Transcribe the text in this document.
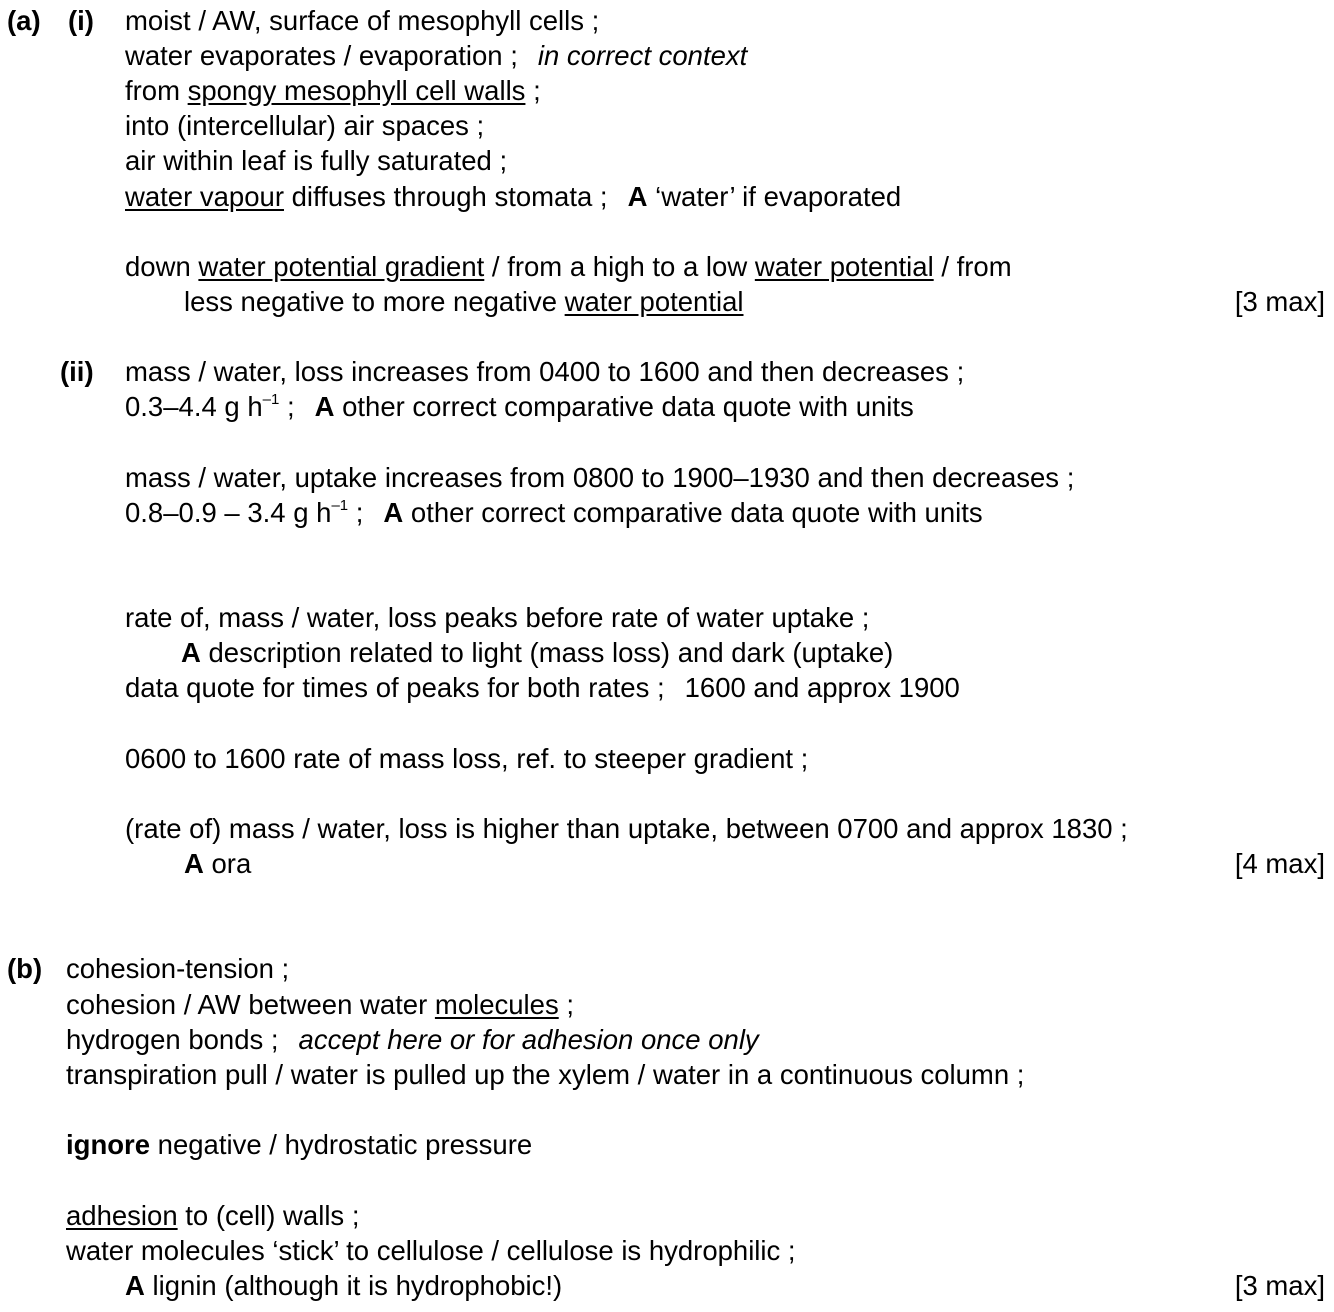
(a) (i) moist / AW, surface of mesophyll cells ;
water evaporates / evaporation ; in correct context
from spongy mesophyll cell walls ;
into (intercellular) air spaces ;
air within leaf is fully saturated ;
water vapour diffuses through stomata ; A ‘water’ if evaporated
down water potential gradient / from a high to a low water potential / from
less negative to more negative water potential	[3 max]
(ii) mass / water, loss increases from 0400 to 1600 and then decreases ;
0.3–4.4 g $h^{-1}$ ; A other correct comparative data quote with units
mass / water, uptake increases from 0800 to 1900–1930 and then decreases ;
0.8–0.9 – 3.4 g $h^{-1}$ ; A other correct comparative data quote with units
rate of, mass / water, loss peaks before rate of water uptake ;
A description related to light (mass loss) and dark (uptake)
data quote for times of peaks for both rates ; 1600 and approx 1900
0600 to 1600 rate of mass loss, ref. to steeper gradient ;
(rate of) mass / water, loss is higher than uptake, between 0700 and approx 1830 ;
A ora	[4 max]
(b) cohesion-tension ;
cohesion / AW between water molecules ;
hydrogen bonds ; accept here or for adhesion once only
transpiration pull / water is pulled up the xylem / water in a continuous column ;
ignore negative / hydrostatic pressure
adhesion to (cell) walls ;
water molecules ‘stick’ to cellulose / cellulose is hydrophilic ;
A lignin (although it is hydrophobic!)	[3 max]
